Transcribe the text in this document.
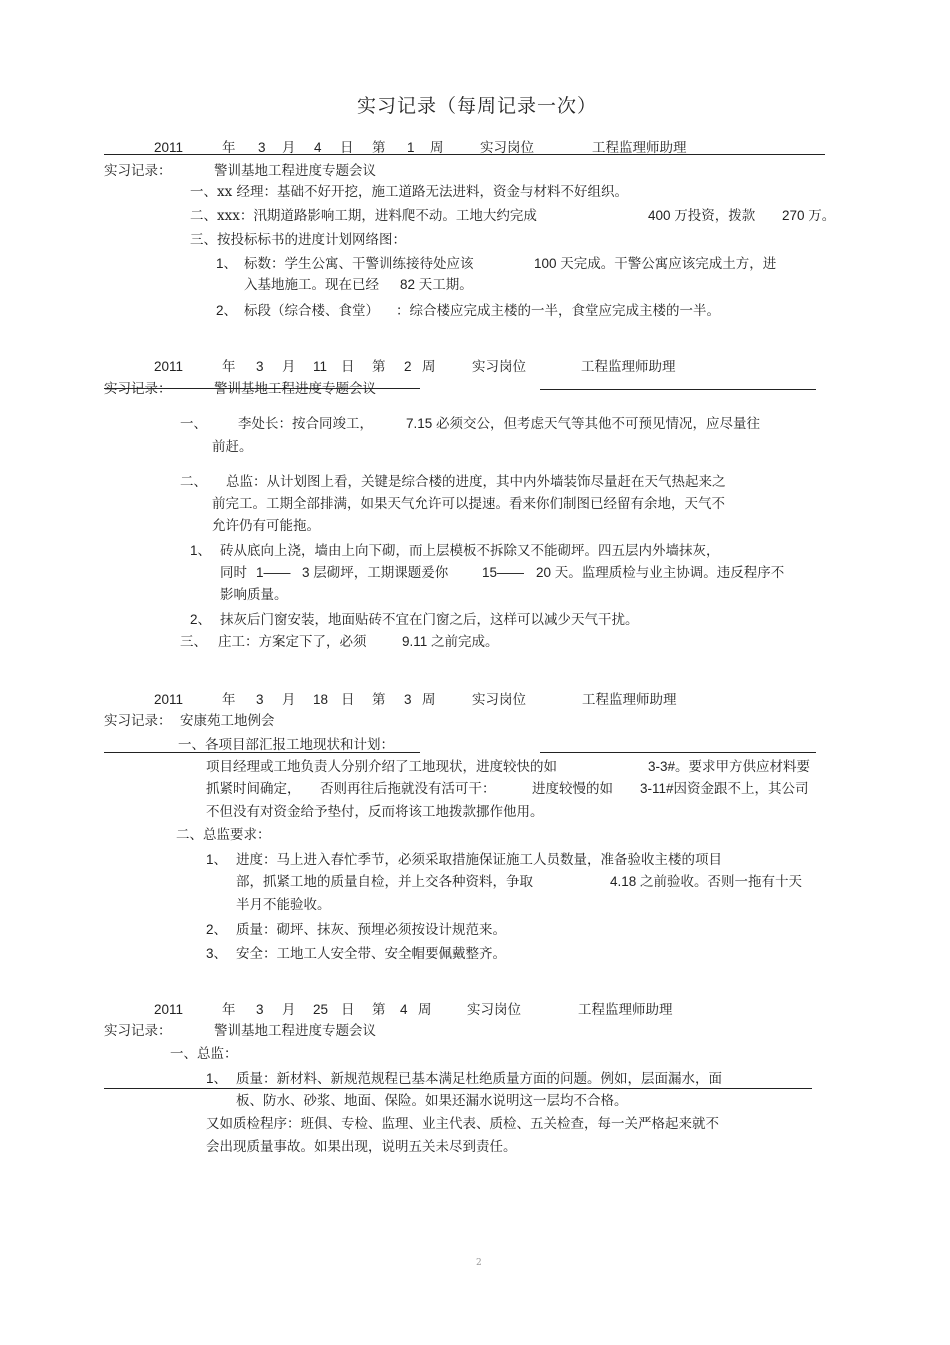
实习记录（每周记录一次）
2011	年 3 月 4 日 第 1 周	实习岗位	工程监理师助理
实习记录：	警训基地工程进度专题会议
一、xx 经理：基础不好开挖，施工道路无法进料，资金与材料不好组织。
二、xxx：汛期道路影响工期，进料爬不动。工地大约完成	400 万投资，拨款 270 万。
三、按投标标书的进度计划网络图：
1、 标数：学生公寓、干警训练接待处应该	100 天完成。干警公寓应该完成土方，进
入基地施工。现在已经 82 天工期。
2、 标段（综合楼、食堂） ：综合楼应完成主楼的一半，食堂应完成主楼的一半。
2011	年 3 月 11 日 第 2 周	实习岗位	工程监理师助理
实习记录：	警训基地工程进度专题会议
一、 李处长：按合同竣工， 7.15 必须交公，但考虑天气等其他不可预见情况，应尽量往
前赶。
二、 总监：从计划图上看，关键是综合楼的进度，其中内外墙装饰尽量赶在天气热起来之
前完工。工期全部排满，如果天气允许可以提速。看来你们制图已经留有余地，天气不
允许仍有可能拖。
1、 砖从底向上浇，墙由上向下砌，而上层模板不拆除又不能砌坪。四五层内外墙抹灰，
同时 1—— 3 层砌坪，工期课题爰你 15—— 20 天。监理质检与业主协调。违反程序不
影响质量。
2、 抹灰后门窗安装，地面贴砖不宜在门窗之后，这样可以减少天气干扰。
三、 庄工：方案定下了，必须	9.11 之前完成。
2011	年 3 月 18 日 第 3 周	实习岗位	工程监理师助理
实习记录： 安康苑工地例会
一、各项目部汇报工地现状和计划：
项目经理或工地负责人分别介绍了工地现状，进度较快的如	3-3#。要求甲方供应材料要
抓紧时间确定， 否则再往后拖就没有活可干：	进度较慢的如 3-11#因资金跟不上，其公司
不但没有对资金给予垫付，反而将该工地拨款挪作他用。
二、总监要求：
1、 进度：马上进入春忙季节，必须采取措施保证施工人员数量，准备验收主楼的项目
部，抓紧工地的质量自检，并上交各种资料，争取	4.18 之前验收。否则一拖有十天
半月不能验收。
2、 质量：砌坪、抹灰、预埋必须按设计规范来。
3、 安全：工地工人安全带、安全帽要佩戴整齐。
2011	年 3 月 25 日 第 4 周	实习岗位	工程监理师助理
实习记录：	警训基地工程进度专题会议
一、总监：
1、 质量：新材料、新规范规程已基本满足杜绝质量方面的问题。例如，层面漏水，面
板、防水、砂浆、地面、保险。如果还漏水说明这一层均不合格。
又如质检程序：班俱、专检、监理、业主代表、质检、五关检查，每一关严格起来就不
会出现质量事故。如果出现，说明五关未尽到责任。
2
